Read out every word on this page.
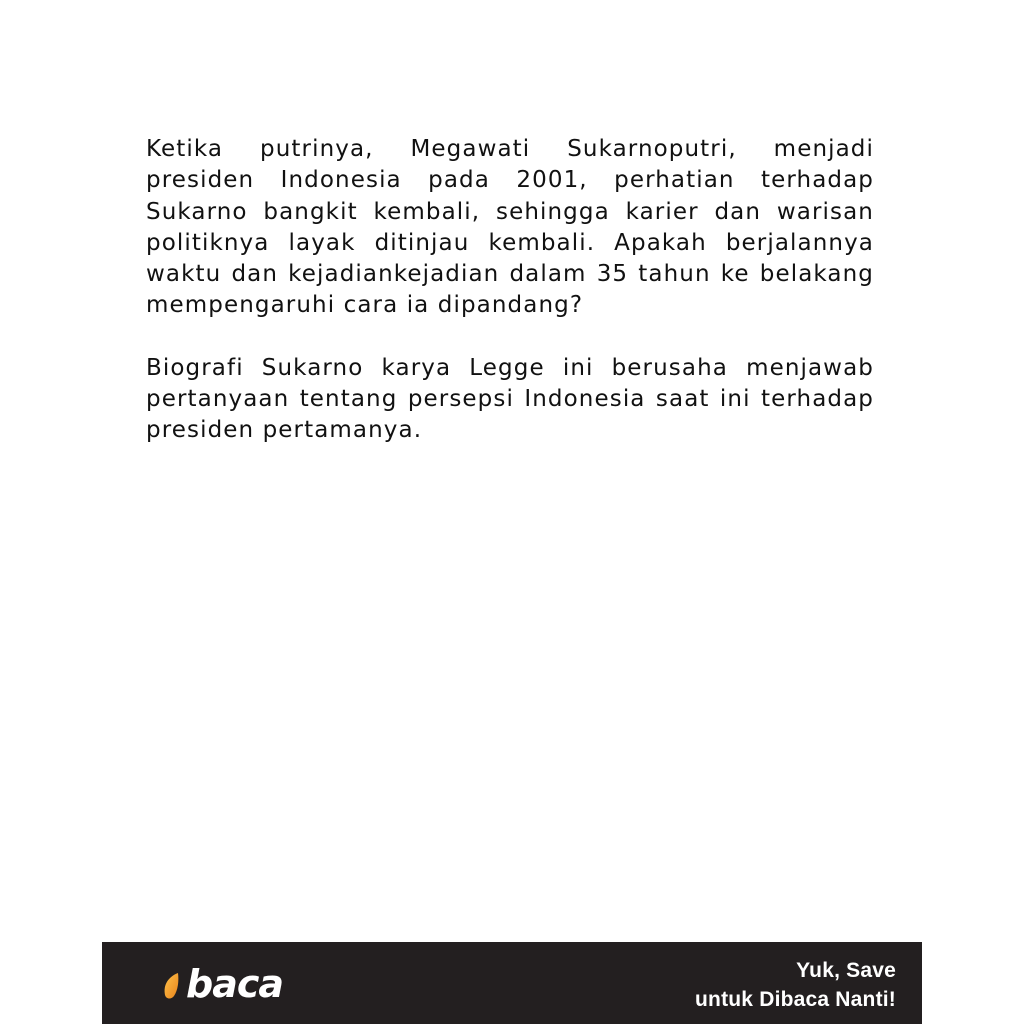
Ketika putrinya, Megawati Sukarnoputri, menjadi presiden Indonesia pada 2001, perhatian terhadap Sukarno bangkit kembali, sehingga karier dan warisan politiknya layak ditinjau kembali. Apakah berjalannya waktu dan kejadiankejadian dalam 35 tahun ke belakang mempengaruhi cara ia dipandang?

Biografi Sukarno karya Legge ini berusaha menjawab pertanyaan tentang persepsi Indonesia saat ini terhadap presiden pertamanya.

baca	Yuk, Save
untuk Dibaca Nanti!
